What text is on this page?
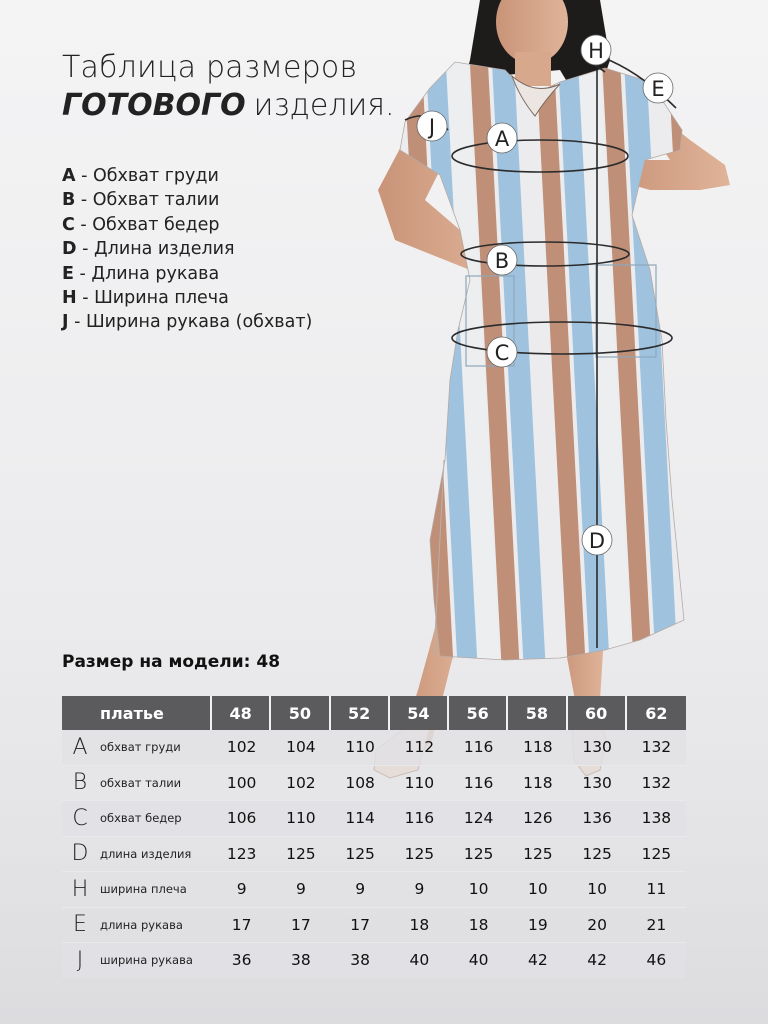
A
B
C
D
E
H
J
Таблица размеров
ГОТОВОГО изделия.
A - Обхват груди
B - Обхват талии
C - Обхват бедер
D - Длина изделия
E - Длина рукава
H - Ширина плеча
J - Ширина рукава (обхват)
Размер на модели: 48
платье		48	50	52	54	56	58	60	62
A	обхват груди	102	104	110	112	116	118	130	132
B	обхват талии	100	102	108	110	116	118	130	132
C	обхват бедер	106	110	114	116	124	126	136	138
D	длина изделия	123	125	125	125	125	125	125	125
H	ширина плеча	9	9	9	9	10	10	10	11
E	длина рукава	17	17	17	18	18	19	20	21
J	ширина рукава	36	38	38	40	40	42	42	46
